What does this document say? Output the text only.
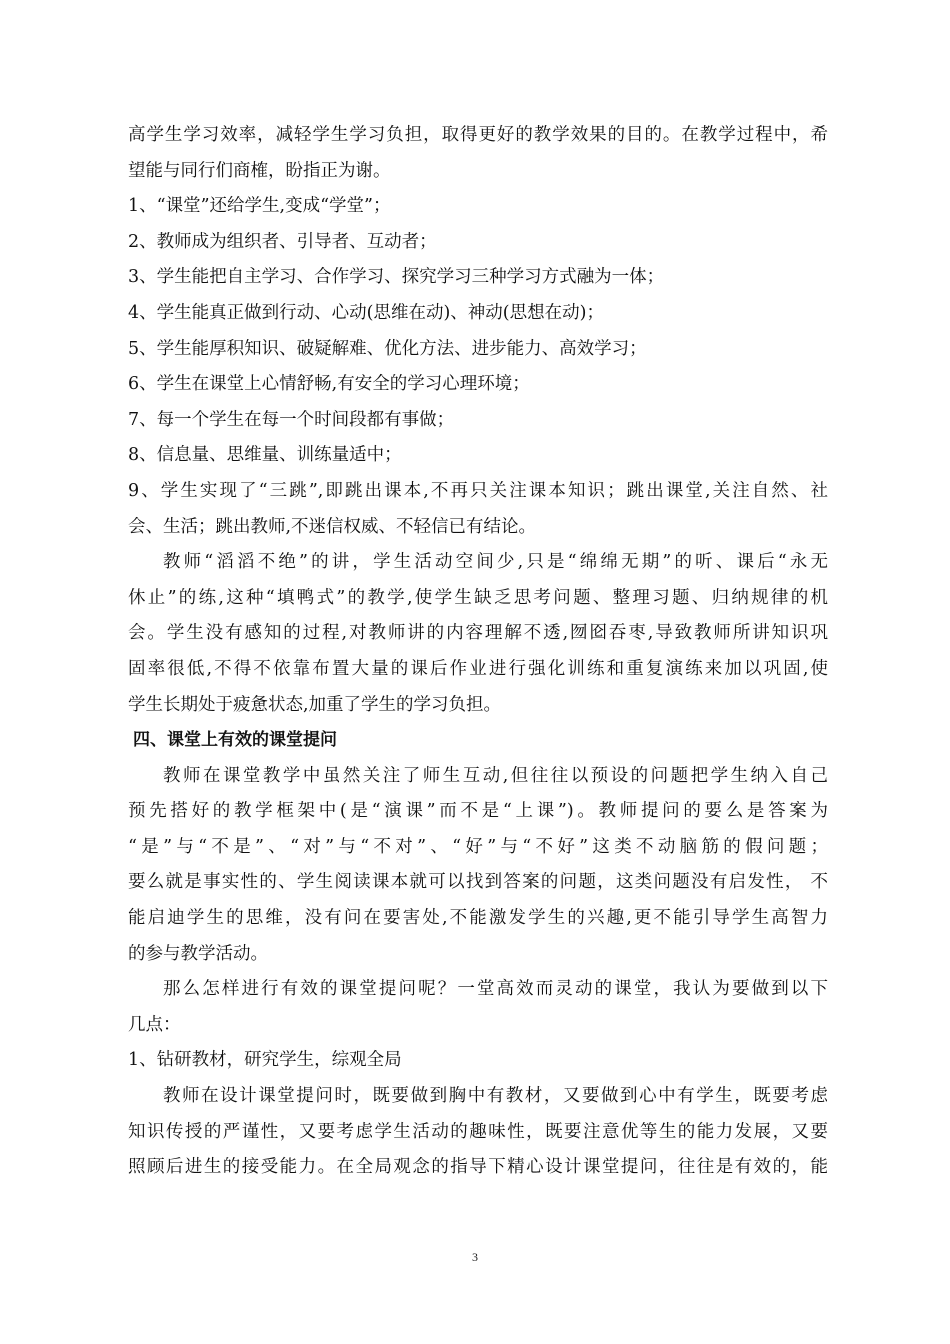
高学生学习效率，减轻学生学习负担，取得更好的教学效果的目的。在教学过程中，希
望能与同行们商榷，盼指正为谢。
1、“课堂”还给学生,变成“学堂”；
2、教师成为组织者、引导者、互动者；
3、学生能把自主学习、合作学习、探究学习三种学习方式融为一体；
4、学生能真正做到行动、心动(思维在动)、神动(思想在动)；
5、学生能厚积知识、破疑解难、优化方法、进步能力、高效学习；
6、学生在课堂上心情舒畅,有安全的学习心理环境；
7、每一个学生在每一个时间段都有事做；
8、信息量、思维量、训练量适中；
9、学生实现了“三跳”,即跳出课本,不再只关注课本知识；跳出课堂,关注自然、社
会、生活；跳出教师,不迷信权威、不轻信已有结论。
教师“滔滔不绝”的讲，学生活动空间少,只是“绵绵无期”的听、课后“永无
休止”的练,这种“填鸭式”的教学,使学生缺乏思考问题、整理习题、归纳规律的机
会。学生没有感知的过程,对教师讲的内容理解不透,囫囵吞枣,导致教师所讲知识巩
固率很低,不得不依靠布置大量的课后作业进行强化训练和重复演练来加以巩固,使
学生长期处于疲惫状态,加重了学生的学习负担。
四、课堂上有效的课堂提问
教师在课堂教学中虽然关注了师生互动,但往往以预设的问题把学生纳入自己
预先搭好的教学框架中(是“演课”而不是“上课”)。教师提问的要么是答案为
“是”与“不是”、“对”与“不对”、“好”与“不好”这类不动脑筋的假问题；
要么就是事实性的、学生阅读课本就可以找到答案的问题，这类问题没有启发性， 不
能启迪学生的思维，没有问在要害处,不能激发学生的兴趣,更不能引导学生高智力
的参与教学活动。
那么怎样进行有效的课堂提问呢？一堂高效而灵动的课堂，我认为要做到以下
几点：
1、钻研教材，研究学生，综观全局
教师在设计课堂提问时，既要做到胸中有教材，又要做到心中有学生，既要考虑
知识传授的严谨性，又要考虑学生活动的趣味性，既要注意优等生的能力发展，又要
照顾后进生的接受能力。在全局观念的指导下精心设计课堂提问，往往是有效的，能
3
